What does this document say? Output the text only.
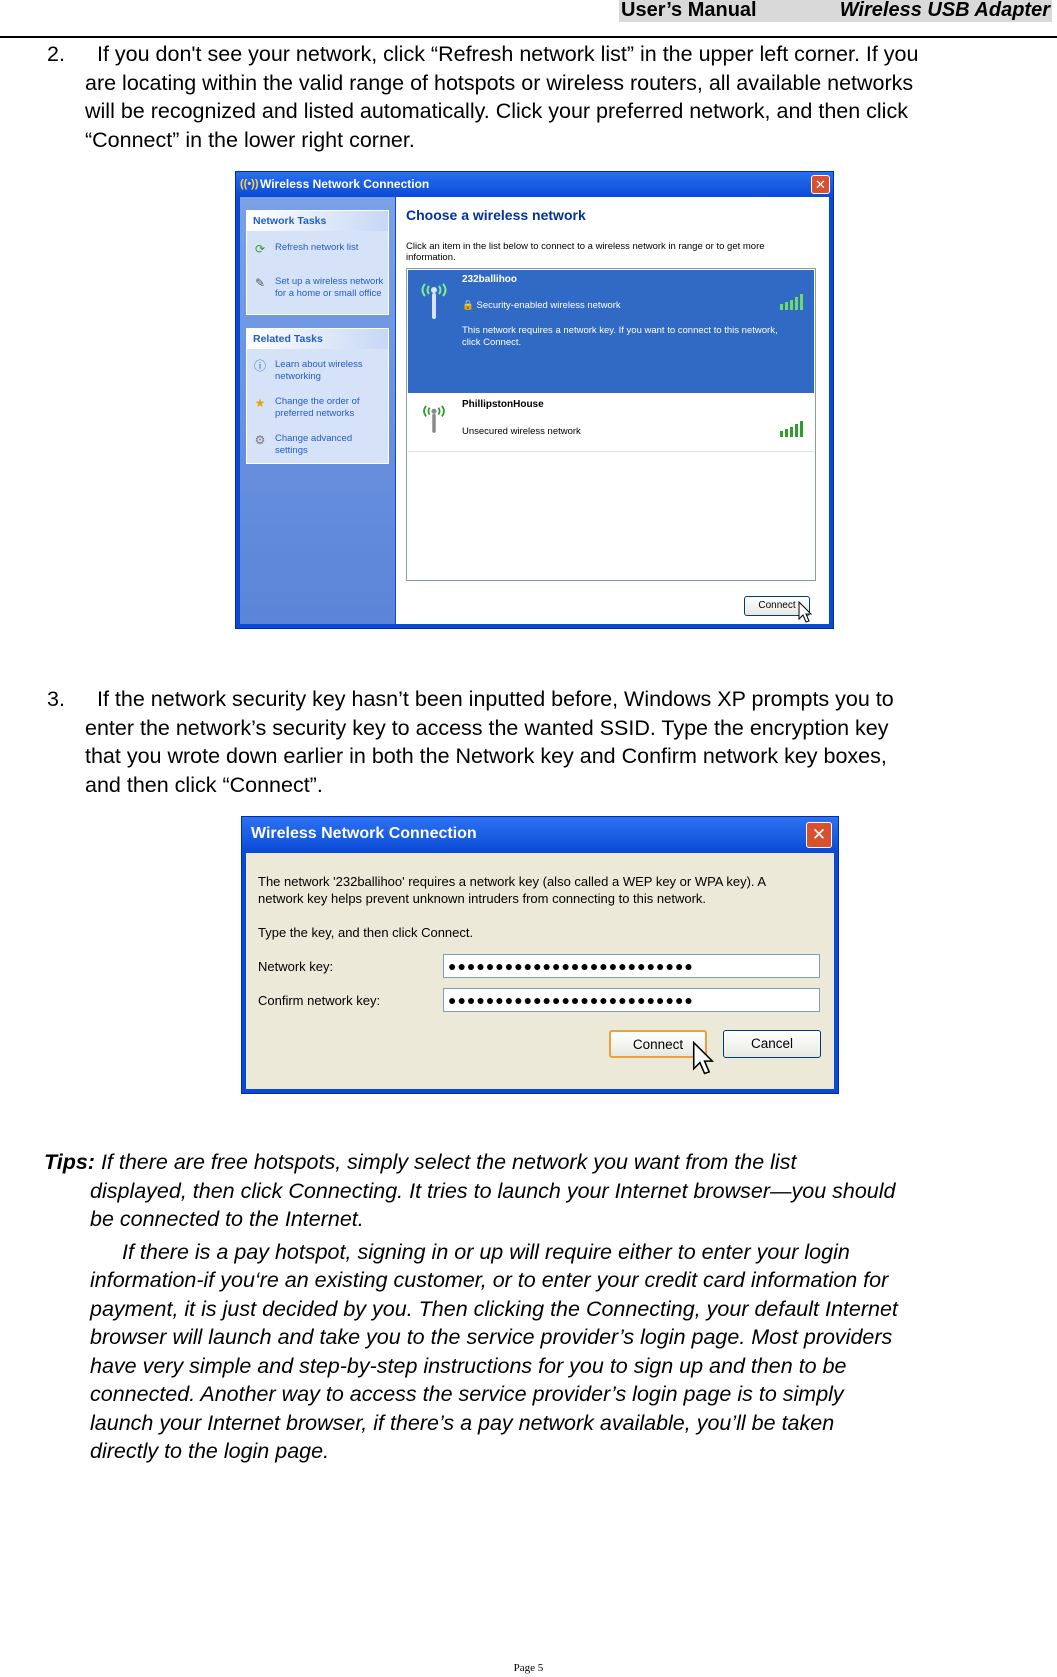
User’s Manual	Wireless USB Adapter
2. If you don't see your network, click “Refresh network list” in the upper left corner. If you
are locating within the valid range of hotspots or wireless routers, all available networks
will be recognized and listed automatically. Click your preferred network, and then click
“Connect” in the lower right corner.
((•)) Wireless Network Connection	✕
Network Tasks
⟳ Refresh network list
✎ Set up a wireless network for a home or small office
Related Tasks
ⓘ Learn about wireless networking
★ Change the order of preferred networks
⚙ Change advanced settings
Choose a wireless network
Click an item in the list below to connect to a wireless network in range or to get more information.
232ballihoo
🔒 Security-enabled wireless network
This network requires a network key. If you want to connect to this network, click Connect.
PhillipstonHouse
Unsecured wireless network
Connect
3. If the network security key hasn’t been inputted before, Windows XP prompts you to
enter the network’s security key to access the wanted SSID. Type the encryption key
that you wrote down earlier in both the Network key and Confirm network key boxes,
and then click “Connect”.
Wireless Network Connection	✕
The network '232ballihoo' requires a network key (also called a WEP key or WPA key). A
network key helps prevent unknown intruders from connecting to this network.
Type the key, and then click Connect.
Network key:	●●●●●●●●●●●●●●●●●●●●●●●●●●
Confirm network key:	●●●●●●●●●●●●●●●●●●●●●●●●●●
Connect	Cancel
Tips: If there are free hotspots, simply select the network you want from the list
displayed, then click Connecting. It tries to launch your Internet browser—you should
be connected to the Internet.
If there is a pay hotspot, signing in or up will require either to enter your login
information-if you‘re an existing customer, or to enter your credit card information for
payment, it is just decided by you. Then clicking the Connecting, your default Internet
browser will launch and take you to the service provider’s login page. Most providers
have very simple and step-by-step instructions for you to sign up and then to be
connected. Another way to access the service provider’s login page is to simply
launch your Internet browser, if there’s a pay network available, you’ll be taken
directly to the login page.
Page 5
